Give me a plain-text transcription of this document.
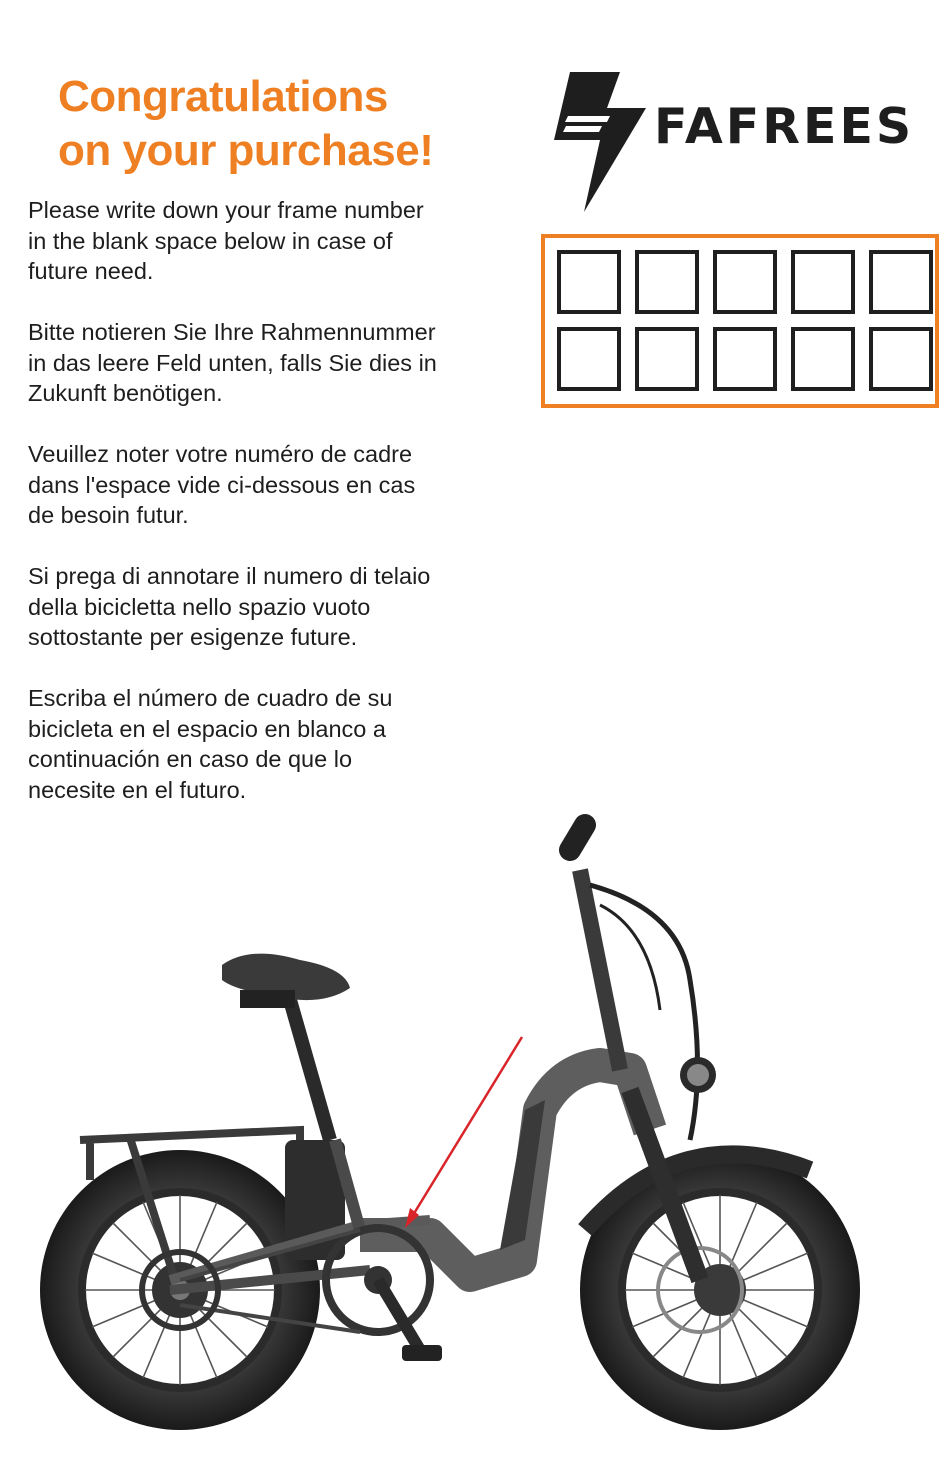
Congratulations
on your purchase!

Please write down your frame number
in the blank space below in case of
future need.

Bitte notieren Sie Ihre Rahmennummer
in das leere Feld unten, falls Sie dies in
Zukunft benötigen.

Veuillez noter votre numéro de cadre
dans l'espace vide ci-dessous en cas
de besoin futur.

Si prega di annotare il numero di telaio
della bicicletta nello spazio vuoto
sottostante per esigenze future.

Escriba el número de cuadro de su
bicicleta en el espacio en blanco a
continuación en caso de que lo
necesite en el futuro.

FAFREES
